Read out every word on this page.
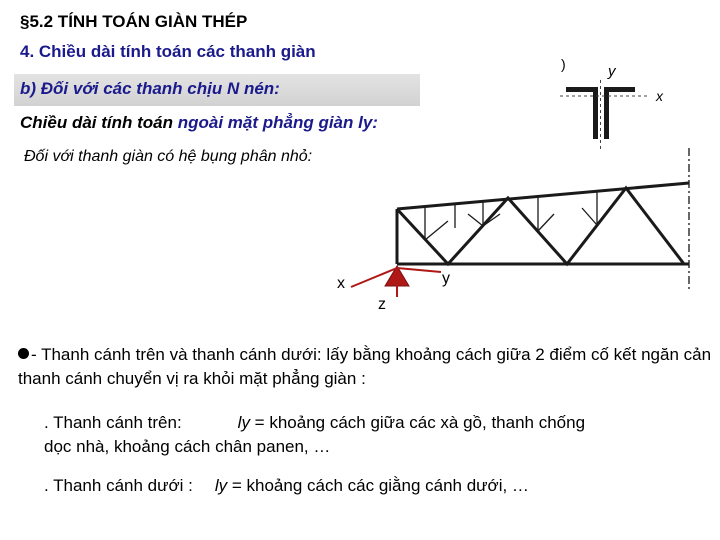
§5.2 TÍNH TOÁN GIÀN THÉP
4. Chiều dài tính toán các thanh giàn
b) Đối với các thanh chịu N nén:
Chiều dài tính toán ngoài mặt phẳng giàn ly:
Đối với thanh giàn có hệ bụng phân nhỏ:
- Thanh cánh trên và thanh cánh dưới: lấy bằng khoảng cách giữa 2 điểm cố kết ngăn cản thanh cánh chuyển vị ra khỏi mặt phẳng giàn :
. Thanh cánh trên:	ly = khoảng cách giữa các xà gồ, thanh chống
dọc nhà, khoảng cách chân panen, …
. Thanh cánh dưới : ly = khoảng cách các giằng cánh dưới, …
)	y
x
x	y
z
